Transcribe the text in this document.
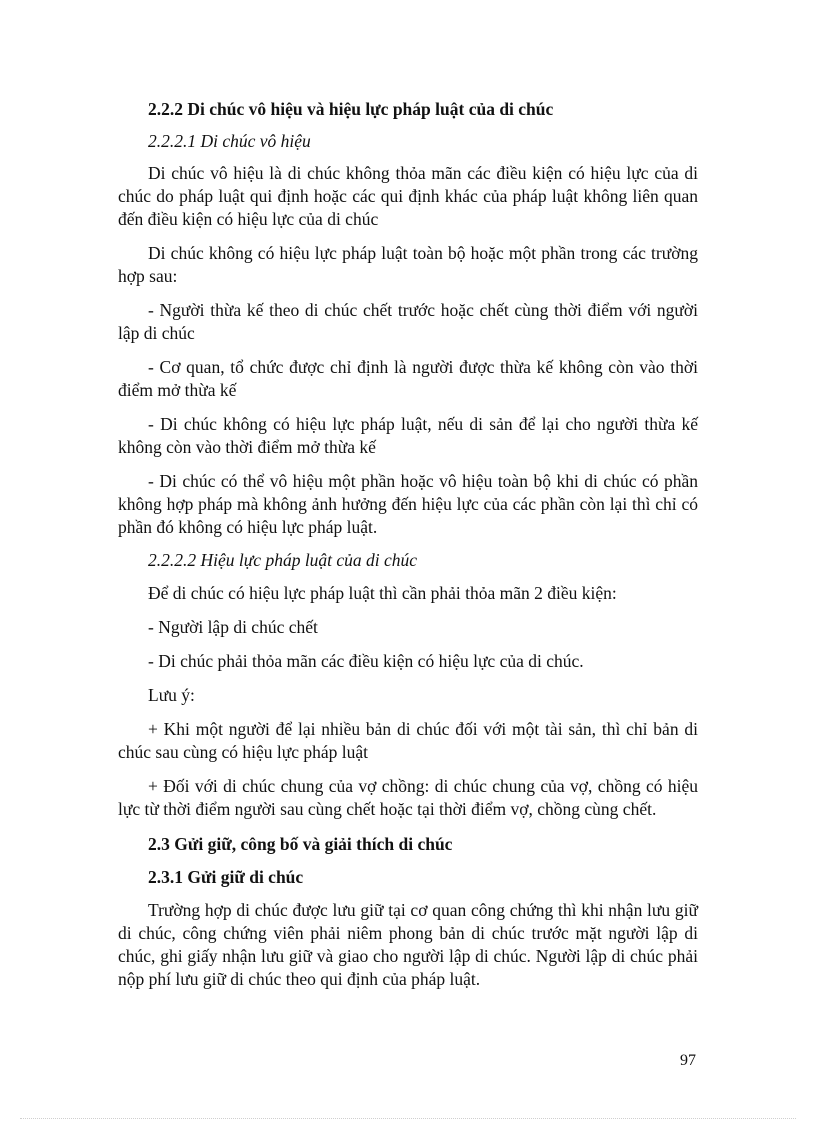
2.2.2 Di chúc vô hiệu và hiệu lực pháp luật của di chúc

2.2.2.1 Di chúc vô hiệu

Di chúc vô hiệu là di chúc không thỏa mãn các điều kiện có hiệu lực của di chúc do pháp luật qui định hoặc các qui định khác của pháp luật không liên quan đến điều kiện có hiệu lực của di chúc

Di chúc không có hiệu lực pháp luật toàn bộ hoặc một phần trong các trường hợp sau:

- Người thừa kế theo di chúc chết trước hoặc chết cùng thời điểm với người lập di chúc

- Cơ quan, tổ chức được chỉ định là người được thừa kế không còn vào thời điểm mở thừa kế

- Di chúc không có hiệu lực pháp luật, nếu di sản để lại cho người thừa kế không còn vào thời điểm mở thừa kế

- Di chúc có thể vô hiệu một phần hoặc vô hiệu toàn bộ khi di chúc có phần không hợp pháp mà không ảnh hưởng đến hiệu lực của các phần còn lại thì chỉ có phần đó không có hiệu lực pháp luật.

2.2.2.2 Hiệu lực pháp luật của di chúc

Để di chúc có hiệu lực pháp luật thì cần phải thỏa mãn 2 điều kiện:

- Người lập di chúc chết

- Di chúc phải thỏa mãn các điều kiện có hiệu lực của di chúc.

Lưu ý:

+ Khi một người để lại nhiều bản di chúc đối với một tài sản, thì chỉ bản di chúc sau cùng có hiệu lực pháp luật

+ Đối với di chúc chung của vợ chồng: di chúc chung của vợ, chồng có hiệu lực từ thời điểm người sau cùng chết hoặc tại thời điểm vợ, chồng cùng chết.

2.3 Gửi giữ, công bố và giải thích di chúc

2.3.1 Gửi giữ di chúc

Trường hợp di chúc được lưu giữ tại cơ quan công chứng thì khi nhận lưu giữ di chúc, công chứng viên phải niêm phong bản di chúc trước mặt người lập di chúc, ghi giấy nhận lưu giữ và giao cho người lập di chúc. Người lập di chúc phải nộp phí lưu giữ di chúc theo qui định của pháp luật.

97
